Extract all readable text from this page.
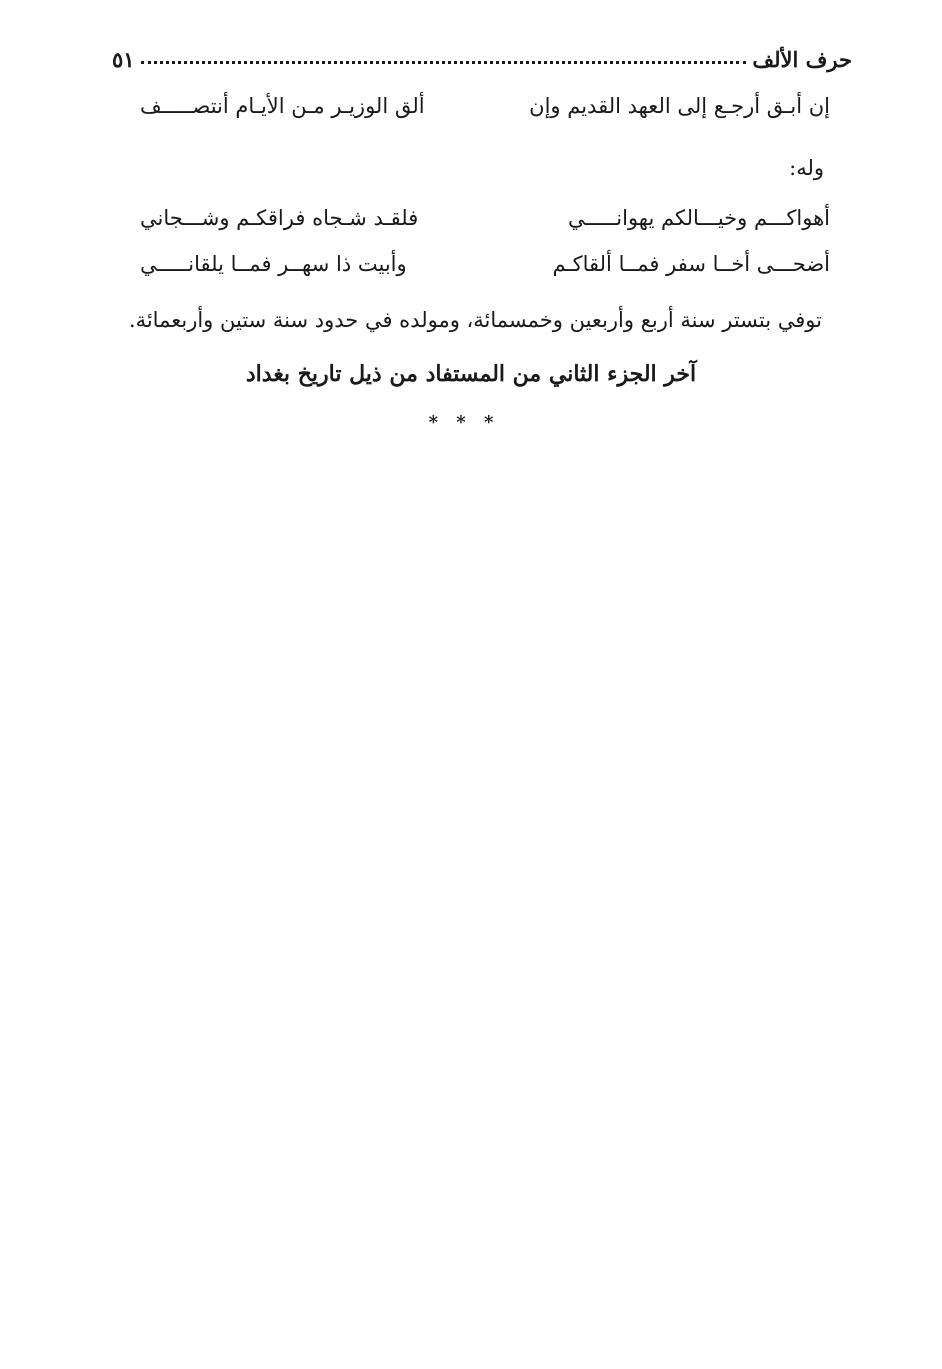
حرف الألف
٥١
إن أبـق أرجـع إلى العهد القديم وإن
ألق الوزيـر مـن الأيـام أنتصـــــف
وله:
أهواكـــم وخيـــالكم يهوانـــــي
فلقـد شـجاه فراقكـم وشـــجاني
أضحـــى أخــا سفر فمــا ألقاكـم
وأبيت ذا سهــر فمــا يلقانـــــي
توفي بتستر سنة أربع وأربعين وخمسمائة، ومولده في حدود سنة ستين وأربعمائة.
آخر الجزء الثاني من المستفاد من ذيل تاريخ بغداد
* * *
